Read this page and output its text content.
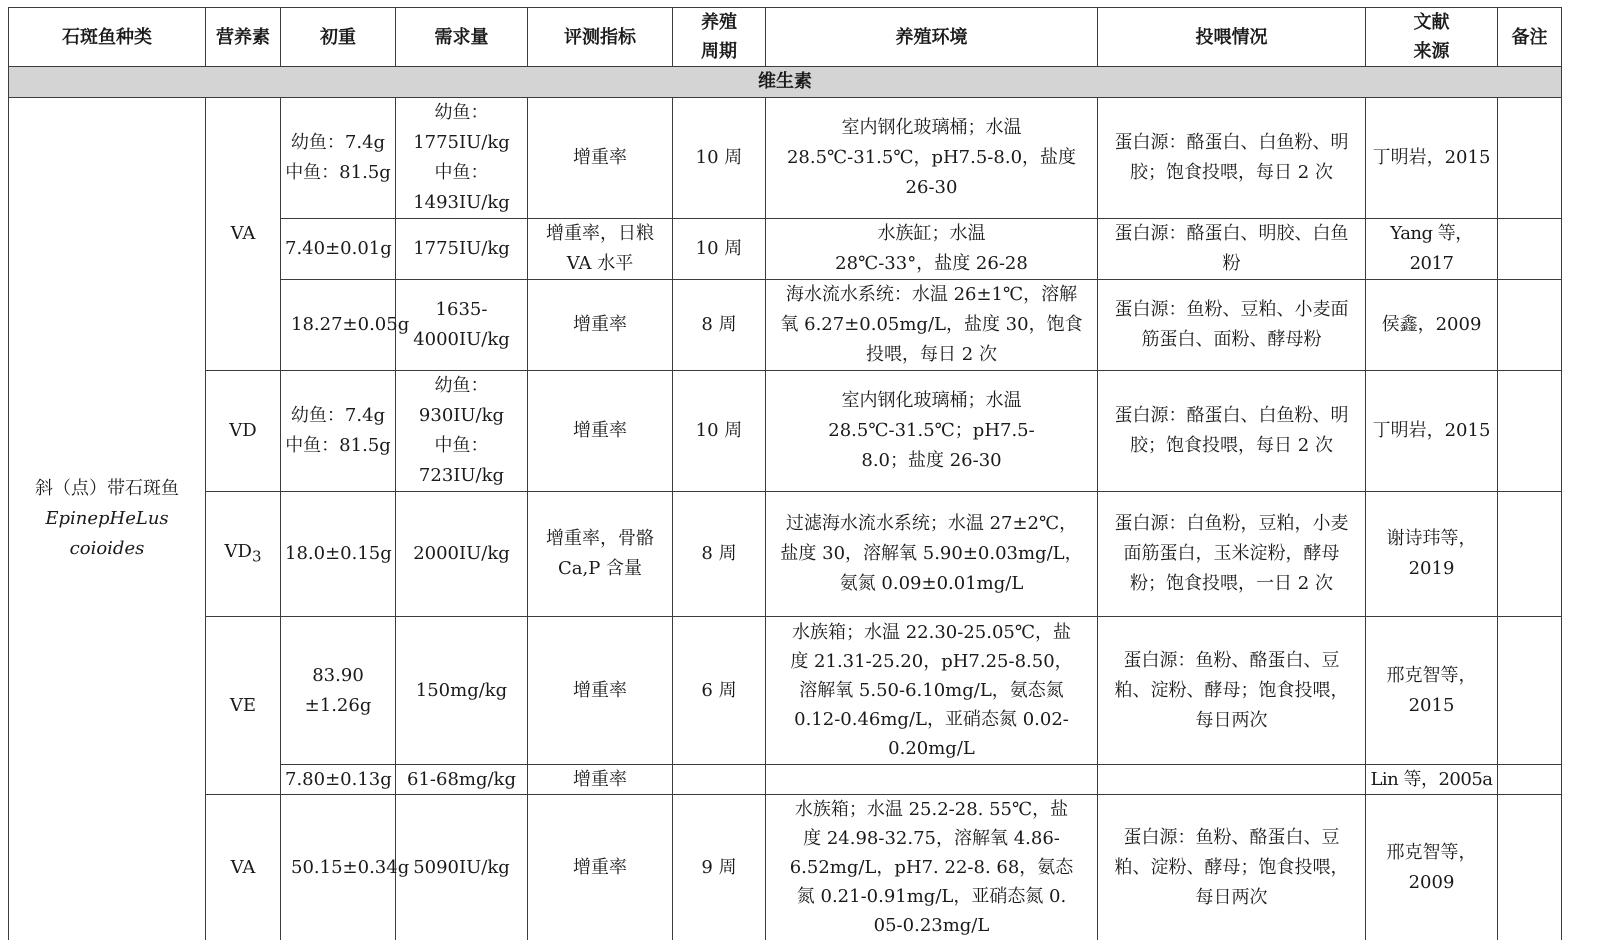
石斑鱼种类	营养素	初重	需求量	评测指标	养殖周期	养殖环境	投喂情况	文献来源	备注
维生素									

斜（点）带石斑鱼
EpinepHeLus
coioides	VA	幼鱼：7.4g 中鱼：81.5g	幼鱼：1775IU/kg 中鱼：1493IU/kg	增重率	10 周	室内钢化玻璃桶；水温 28.5℃-31.5℃，pH7.5-8.0，盐度 26-30	蛋白源：酪蛋白、白鱼粉、明胶；饱食投喂，每日 2 次	丁明岩，2015	
		7.40±0.01g	1775IU/kg	增重率，日粮 VA 水平	10 周	水族缸；水温 28℃-33°，盐度 26-28	蛋白源：酪蛋白、明胶、白鱼粉	Yang 等，2017	
		18.27±0.05g	1635-4000IU/kg	增重率	8 周	海水流水系统：水温 26±1℃，溶解氧 6.27±0.05mg/L，盐度 30，饱食投喂，每日 2 次	蛋白源：鱼粉、豆粕、小麦面筋蛋白、面粉、酵母粉	侯鑫，2009	
	VD	幼鱼：7.4g 中鱼：81.5g	幼鱼：930IU/kg 中鱼：723IU/kg	增重率	10 周	室内钢化玻璃桶；水温 28.5℃-31.5℃；pH7.5-8.0；盐度 26-30	蛋白源：酪蛋白、白鱼粉、明胶；饱食投喂，每日 2 次	丁明岩，2015	
	$VD_3$	18.0±0.15g	2000IU/kg	增重率，骨骼 Ca,P 含量	8 周	过滤海水流水系统；水温 27±2℃，盐度 30，溶解氧 5.90±0.03mg/L，氨氮 0.09±0.01mg/L	蛋白源：白鱼粉，豆粕，小麦面筋蛋白，玉米淀粉，酵母粉；饱食投喂，一日 2 次	谢诗玮等，2019	
	VE	83.90 ±1.26g	150mg/kg	增重率	6 周	水族箱；水温 22.30-25.05℃，盐度 21.31-25.20，pH7.25-8.50，溶解氧 5.50-6.10mg/L，氨态氮 0.12-0.46mg/L，亚硝态氮 0.02-0.20mg/L	蛋白源：鱼粉、酪蛋白、豆粕、淀粉、酵母；饱食投喂，每日两次	邢克智等，2015	
		7.80±0.13g	61-68mg/kg	增重率				Lin 等，2005a	
	VA	50.15±0.34g	5090IU/kg	增重率	9 周	水族箱；水温 25.2-28. 55℃，盐度 24.98-32.75，溶解氧 4.86-6.52mg/L，pH7. 22-8. 68，氨态氮 0.21-0.91mg/L，亚硝态氮 0. 05-0.23mg/L	蛋白源：鱼粉、酪蛋白、豆粕、淀粉、酵母；饱食投喂，每日两次	邢克智等，2009	
